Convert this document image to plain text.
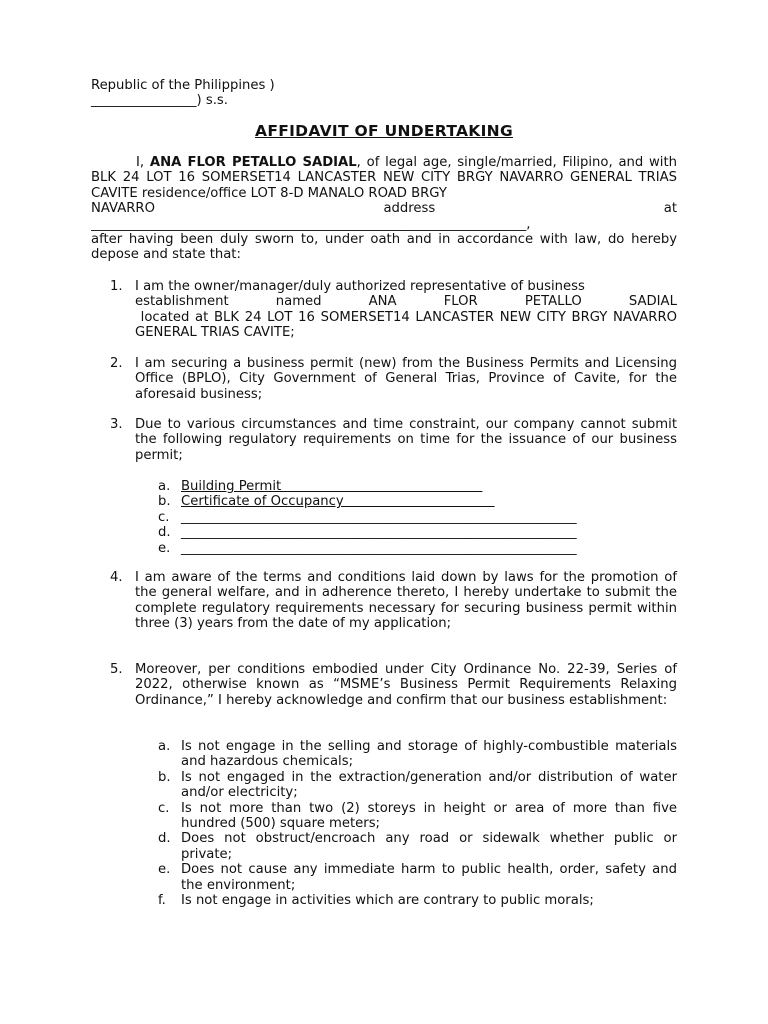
Republic of the Philippines )
________________) s.s.
AFFIDAVIT OF UNDERTAKING

I, ANA FLOR PETALLO SADIAL, of legal age, single/married, Filipino, and with BLK 24 LOT 16 SOMERSET14 LANCASTER NEW CITY BRGY NAVARRO GENERAL TRIAS CAVITE residence/office LOT 8-D MANALO ROAD BRGY

NAVARRO	address	at
__________________________________________________________________,
after having been duly sworn to, under oath and in accordance with law, do hereby depose and state that:
1. I am the owner/manager/duly authorized representative of business
establishment	named	ANA	FLOR	PETALLO	SADIAL
located at BLK 24 LOT 16 SOMERSET14 LANCASTER NEW CITY BRGY NAVARRO GENERAL TRIAS CAVITE;
2. I am securing a business permit (new) from the Business Permits and Licensing Office (BPLO), City Government of General Trias, Province of Cavite, for the aforesaid business;
3. Due to various circumstances and time constraint, our company cannot submit the following regulatory requirements on time for the issuance of our business permit;
a. Building Permit
b. Certificate of Occupancy
c. ____________________________________________________________
d. ____________________________________________________________
e. ____________________________________________________________
4. I am aware of the terms and conditions laid down by laws for the promotion of the general welfare, and in adherence thereto, I hereby undertake to submit the complete regulatory requirements necessary for securing business permit within three (3) years from the date of my application;
5. Moreover, per conditions embodied under City Ordinance No. 22-39, Series of 2022, otherwise known as “MSME’s Business Permit Requirements Relaxing Ordinance,” I hereby acknowledge and confirm that our business establishment:
a. Is not engage in the selling and storage of highly-combustible materials and hazardous chemicals;
b. Is not engaged in the extraction/generation and/or distribution of water and/or electricity;
c. Is not more than two (2) storeys in height or area of more than five hundred (500) square meters;
d. Does not obstruct/encroach any road or sidewalk whether public or private;
e. Does not cause any immediate harm to public health, order, safety and the environment;
f. Is not engage in activities which are contrary to public morals;
